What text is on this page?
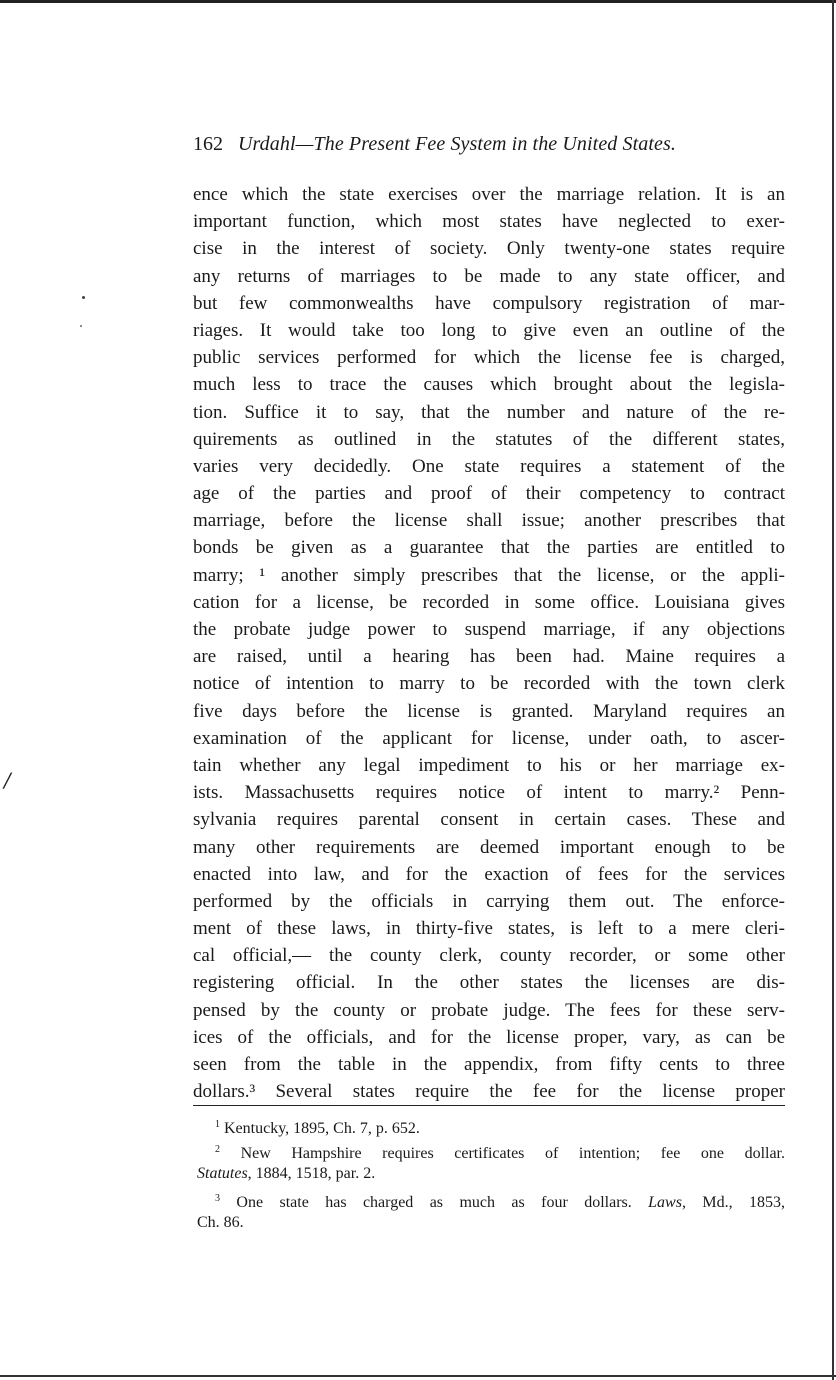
/
162 Urdahl—The Present Fee System in the United States.
ence which the state exercises over the marriage relation. It is an
important function, which most states have neglected to exer-
cise in the interest of society. Only twenty-one states require
any returns of marriages to be made to any state officer, and
but few commonwealths have compulsory registration of mar-
riages. It would take too long to give even an outline of the
public services performed for which the license fee is charged,
much less to trace the causes which brought about the legisla-
tion. Suffice it to say, that the number and nature of the re-
quirements as outlined in the statutes of the different states,
varies very decidedly. One state requires a statement of the
age of the parties and proof of their competency to contract
marriage, before the license shall issue; another prescribes that
bonds be given as a guarantee that the parties are entitled to
marry; ¹ another simply prescribes that the license, or the appli-
cation for a license, be recorded in some office. Louisiana gives
the probate judge power to suspend marriage, if any objections
are raised, until a hearing has been had. Maine requires a
notice of intention to marry to be recorded with the town clerk
five days before the license is granted. Maryland requires an
examination of the applicant for license, under oath, to ascer-
tain whether any legal impediment to his or her marriage ex-
ists. Massachusetts requires notice of intent to marry.² Penn-
sylvania requires parental consent in certain cases. These and
many other requirements are deemed important enough to be
enacted into law, and for the exaction of fees for the services
performed by the officials in carrying them out. The enforce-
ment of these laws, in thirty-five states, is left to a mere cleri-
cal official,— the county clerk, county recorder, or some other
registering official. In the other states the licenses are dis-
pensed by the county or probate judge. The fees for these serv-
ices of the officials, and for the license proper, vary, as can be
seen from the table in the appendix, from fifty cents to three
dollars.³ Several states require the fee for the license proper
$^1$ Kentucky, 1895, Ch. 7, p. 652.
$^2$ New Hampshire requires certificates of intention; fee one dollar.
Statutes, 1884, 1518, par. 2.
$^3$ One state has charged as much as four dollars. Laws, Md., 1853,
Ch. 86.
